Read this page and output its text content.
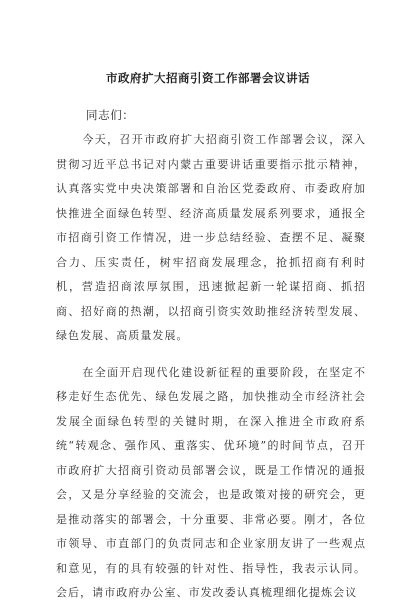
市政府扩大招商引资工作部署会议讲话
同志们：

今天，召开市政府扩大招商引资工作部署会议，深入贯彻习近平总书记对内蒙古重要讲话重要指示批示精神，认真落实党中央决策部署和自治区党委政府、市委政府加快推进全面绿色转型、经济高质量发展系列要求，通报全市招商引资工作情况，进一步总结经验、查摆不足、凝聚合力、压实责任，树牢招商发展理念，抢抓招商有利时机，营造招商浓厚氛围，迅速掀起新一轮谋招商、抓招商、招好商的热潮，以招商引资实效助推经济转型发展、绿色发展、高质量发展。

在全面开启现代化建设新征程的重要阶段，在坚定不移走好生态优先、绿色发展之路，加快推动全市经济社会发展全面绿色转型的关键时期，在深入推进全市政府系统“转观念、强作风、重落实、优环境”的时间节点，召开市政府扩大招商引资动员部署会议，既是工作情况的通报会，又是分享经验的交流会，也是政策对接的研究会，更是推动落实的部署会，十分重要、非常必要。刚才，各位市领导、市直部门的负责同志和企业家朋友讲了一些观点和意见，有的具有较强的针对性、指导性，我表示认同。会后，请市政府办公室、市发改委认真梳理细化提炼会议
